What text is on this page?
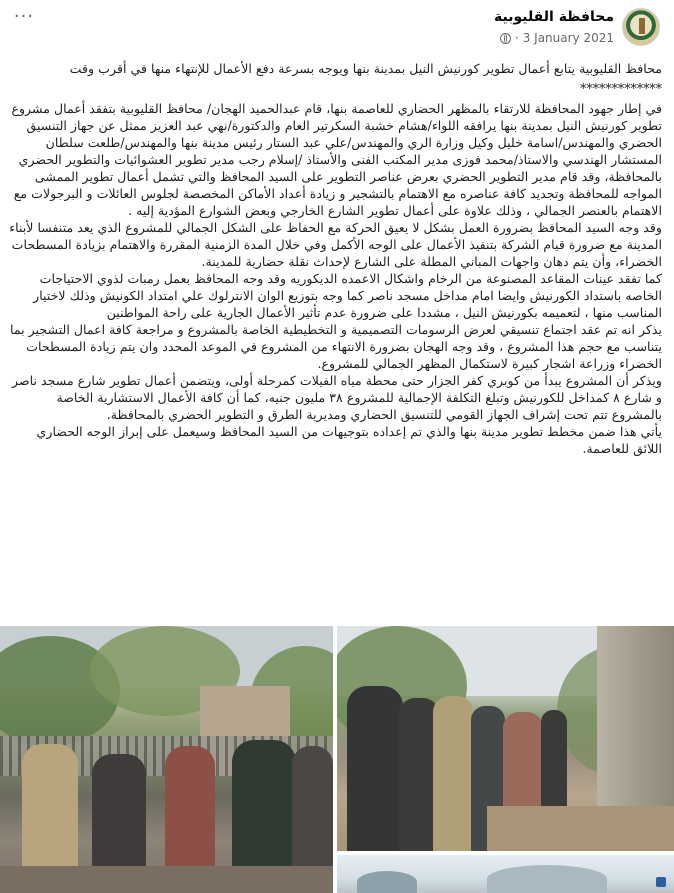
محافظة القليوبية
· 3 January 2021
···

محافظ القليوبية يتابع أعمال تطوير كورنيش النيل بمدينة بنها ويوجه بسرعة دفع الأعمال للإنتهاء منها في أقرب وقت

*************

في إطار جهود المحافظة للارتقاء بالمظهر الحضاري للعاصمة بنها، قام عبدالحميد الهجان/ محافظ القليوبية بتفقد أعمال مشروع تطوير كورنيش النيل بمدينة بنها يرافقه اللواء/هشام خشبة السكرتير العام والدكتورة/نهي عبد العزيز ممثل عن جهاز التنسيق الحضري والمهندس/اسامة خليل وكيل وزارة الري والمهندس/علي عبد الستار رئيس مدينة بنها والمهندس/طلعت سلطان المستشار الهندسي والاستاذ/محمد فوزى مدير المكتب الفنى والأستاذ /إسلام رجب مدير تطوير العشوائيات والتطوير الحضري بالمحافظة، وقد قام مدير التطوير الحضري بعرض عناصر التطوير على السيد المحافظ والتي تشمل أعمال تطوير الممشى المواجه للمحافظة وتجديد كافة عناصره مع الاهتمام بالتشجير و زيادة أعداد الأماكن المخصصة لجلوس العائلات و البرجولات مع الاهتمام بالعنصر الجمالي ، وذلك علاوة على أعمال تطوير الشارع الخارجي وبعض الشوارع المؤدية إليه .

وقد وجه السيد المحافظ بضرورة العمل بشكل لا يعيق الحركة مع الحفاظ على الشكل الجمالي للمشروع الذي يعد متنفسا لأبناء المدينة مع ضرورة قيام الشركة بتنفيذ الأعمال على الوجه الأكمل وفي خلال المدة الزمنية المقررة والاهتمام بزيادة المسطحات الخضراء، وأن يتم دهان واجهات المباني المطلة على الشارع لإحداث نقلة حضارية للمدينة.

كما تفقد عينات المقاعد المصنوعة من الرخام واشكال الاعمده الديكوريه وقد وجه المحافظ بعمل رمبات لذوي الاحتياجات الخاصه باستداد الكورنيش وايضا امام مداخل مسجد ناصر كما وجه بتوزيع الوان الانترلوك علي امتداد الكونيش وذلك لاختيار المناسب منها ، لتعميمه بكورنيش النيل ، مشددا على ضرورة عدم تأثير الأعمال الجارية على راحة المواطنين

يذكر انه تم عقد اجتماع تنسيقي لعرض الرسومات التصميمية و التخطيطية الخاصة بالمشروع و مراجعة كافة اعمال التشجير بما يتناسب مع حجم هذا المشروع ، وقد وجه الهجان بضرورة الانتهاء من المشروع في الموعد المحدد وان يتم زيادة المسطحات الخضراء وزراعة اشجار كبيرة لاستكمال المظهر الجمالي للمشروع.

ويذكر أن المشروع يبدأ من كوبري كفر الجزار حتى محطة مياه الفيلات كمرحلة أولى، ويتضمن أعمال تطوير شارع مسجد ناصر و شارع ٨ كمداخل للكورنيش وتبلغ التكلفة الإجمالية للمشروع ٣٨ مليون جنيه، كما أن كافة الأعمال الاستشارية الخاصة بالمشروع تتم تحت إشراف الجهاز القومي للتنسيق الحضاري ومديرية الطرق و التطوير الحضري بالمحافظة.

يأتي هذا ضمن مخطط تطوير مدينة بنها والذي تم إعداده بتوجيهات من السيد المحافظ وسيعمل على إبراز الوجه الحضاري اللائق للعاصمة.
